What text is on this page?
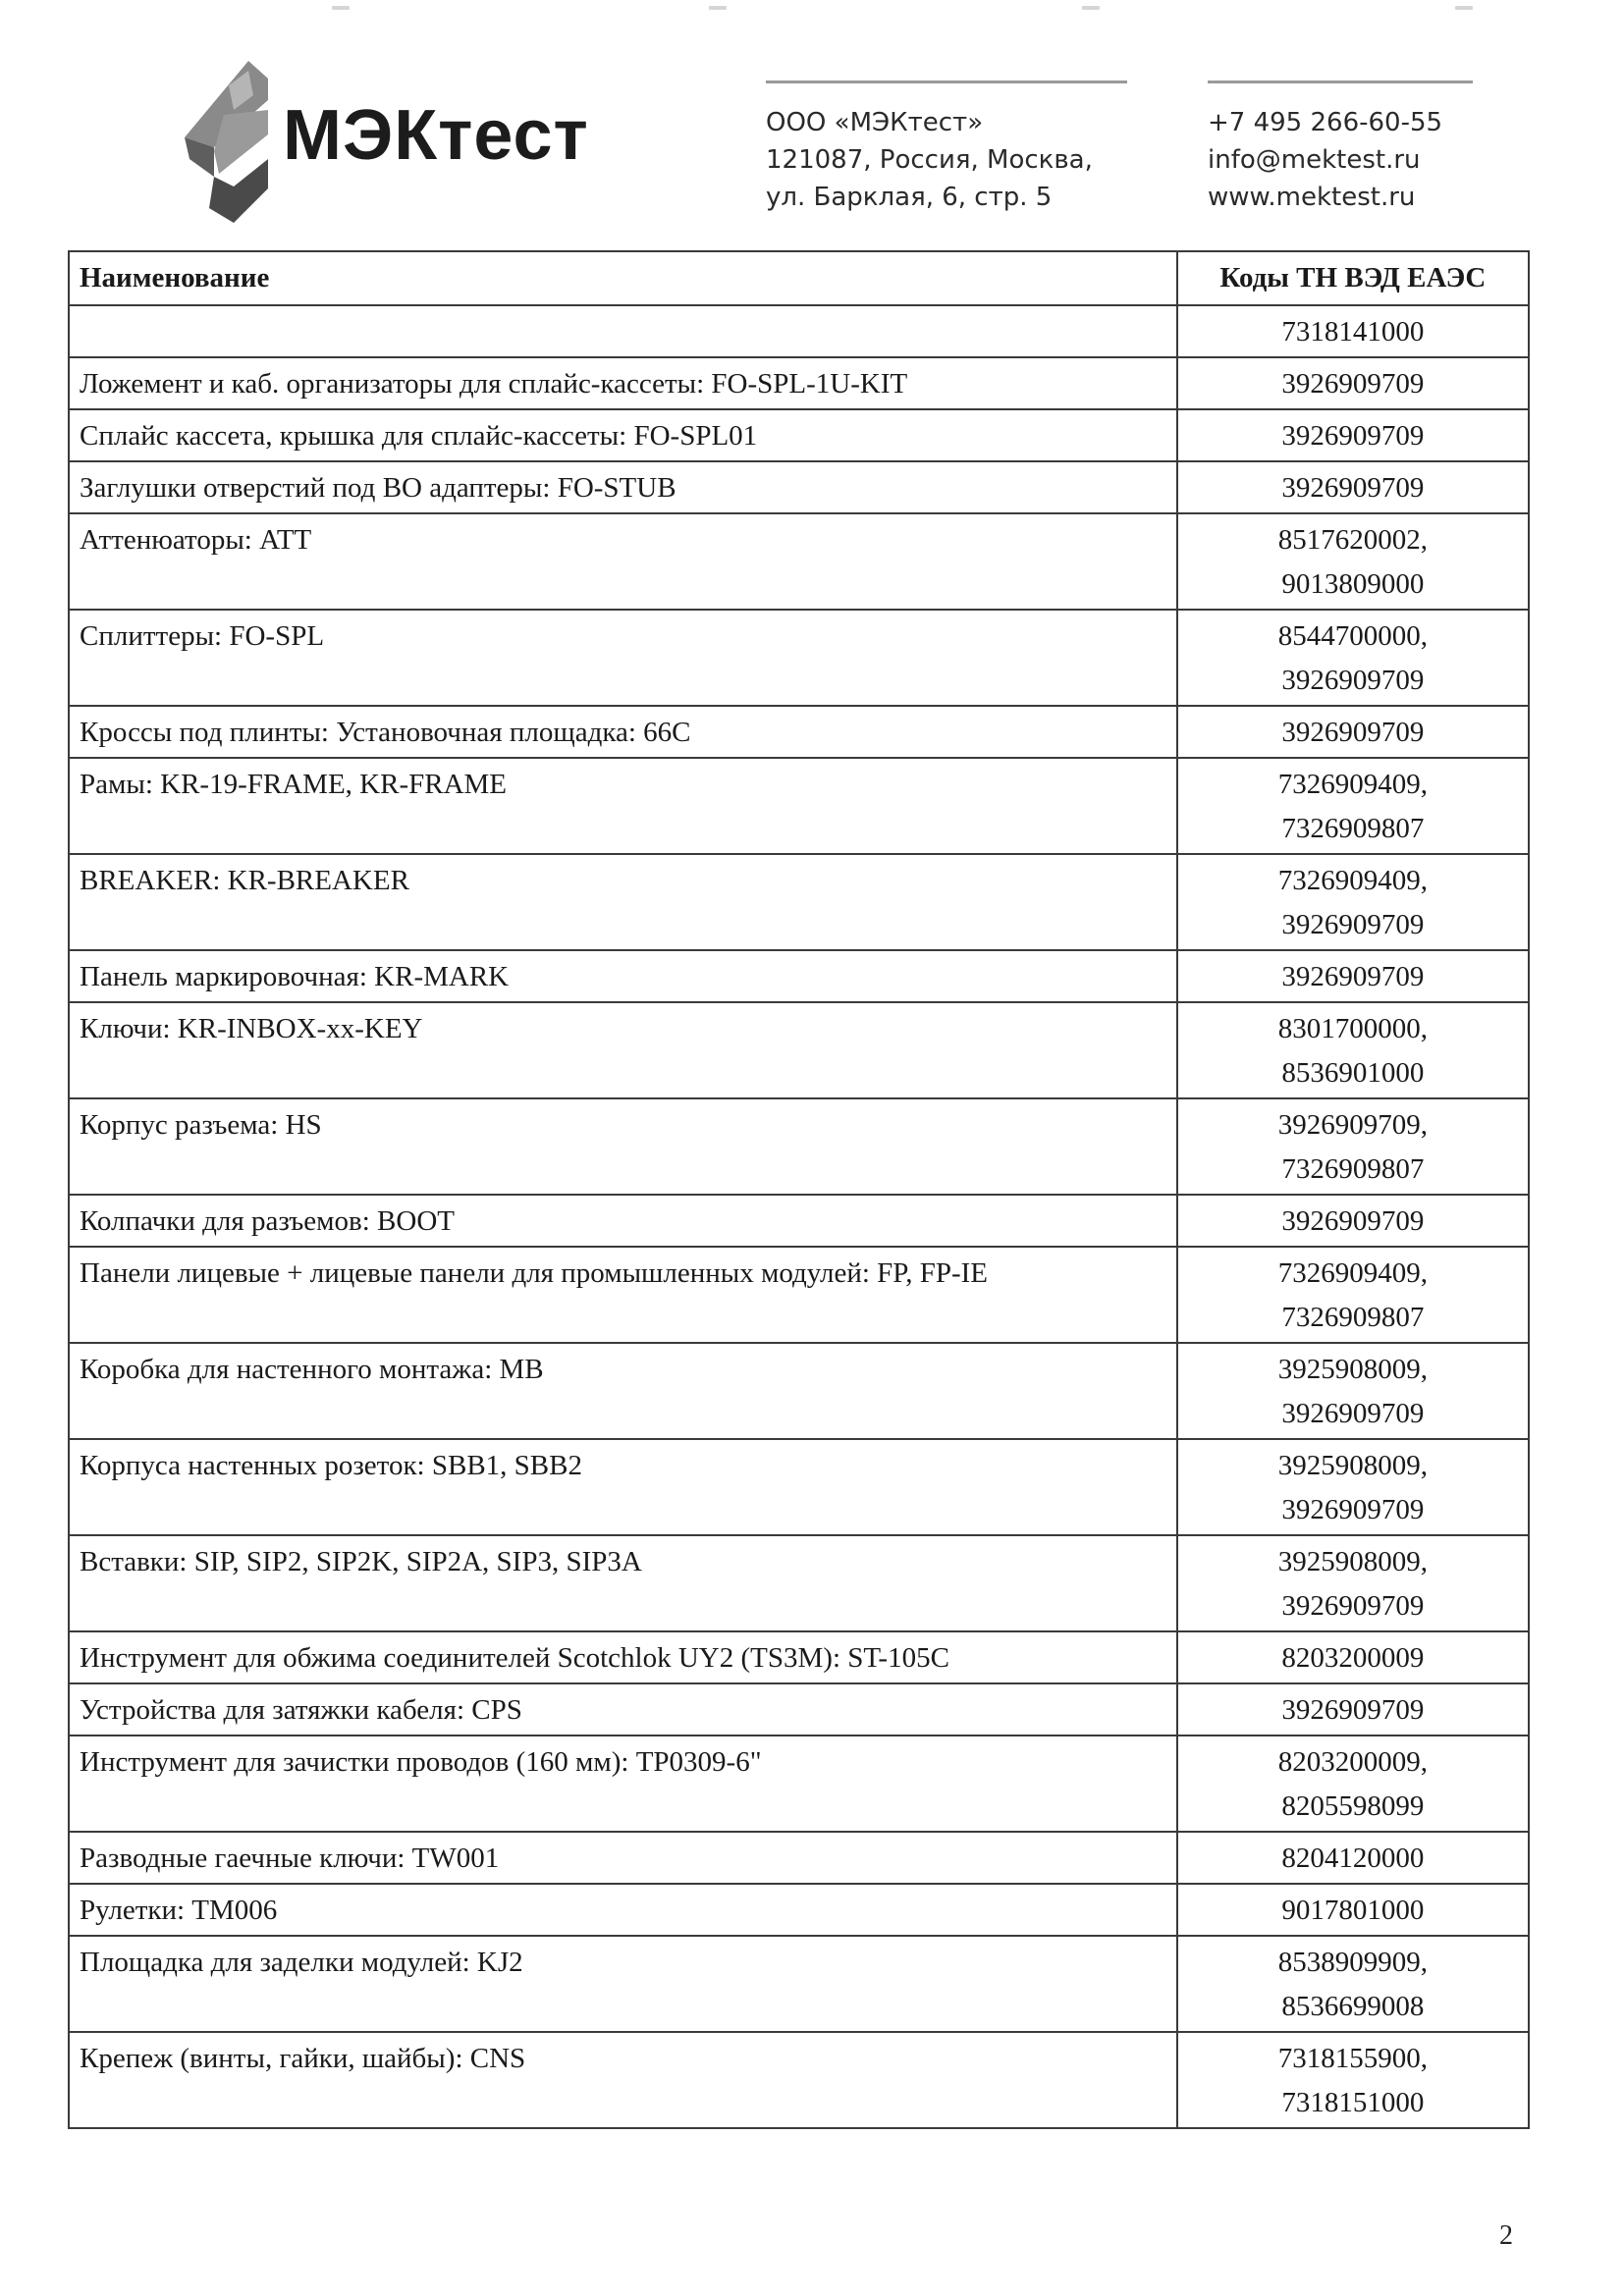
МЭКтест	ООО «МЭКтест»
121087, Россия, Москва,
ул. Барклая, 6, стр. 5
+7 495 266-60-55
info@mektest.ru
www.mektest.ru
Наименование	Коды ТН ВЭД ЕАЭС

	7318141000

Ложемент и каб. организаторы для сплайс-кассеты: FO-SPL-1U-KIT	3926909709

Сплайс кассета, крышка для сплайс-кассеты: FO-SPL01	3926909709

Заглушки отверстий под ВО адаптеры: FO-STUB	3926909709

Аттенюаторы: ATT	8517620002,
9013809000

Сплиттеры: FO-SPL	8544700000,
3926909709

Кроссы под плинты: Установочная площадка: 66C	3926909709

Рамы: KR-19-FRAME, KR-FRAME	7326909409,
7326909807

BREAKER: KR-BREAKER	7326909409,
3926909709

Панель маркировочная: KR-MARK	3926909709

Ключи: KR-INBOX-xx-KEY	8301700000,
8536901000

Корпус разъема: HS	3926909709,
7326909807

Колпачки для разъемов: BOOT	3926909709

Панели лицевые + лицевые панели для промышленных модулей: FP, FP-IE	7326909409,
7326909807

Коробка для настенного монтажа: MB	3925908009,
3926909709

Корпуса настенных розеток: SBB1, SBB2	3925908009,
3926909709

Вставки: SIP, SIP2, SIP2K, SIP2A, SIP3, SIP3A	3925908009,
3926909709

Инструмент для обжима соединителей Scotchlok UY2 (TS3M): ST-105C	8203200009

Устройства для затяжки кабеля: CPS	3926909709

Инструмент для зачистки проводов (160 мм): TP0309-6"	8203200009,
8205598099

Разводные гаечные ключи: TW001	8204120000

Рулетки: TM006	9017801000

Площадка для заделки модулей: KJ2	8538909909,
8536699008

Крепеж (винты, гайки, шайбы): CNS	7318155900,
7318151000
2
